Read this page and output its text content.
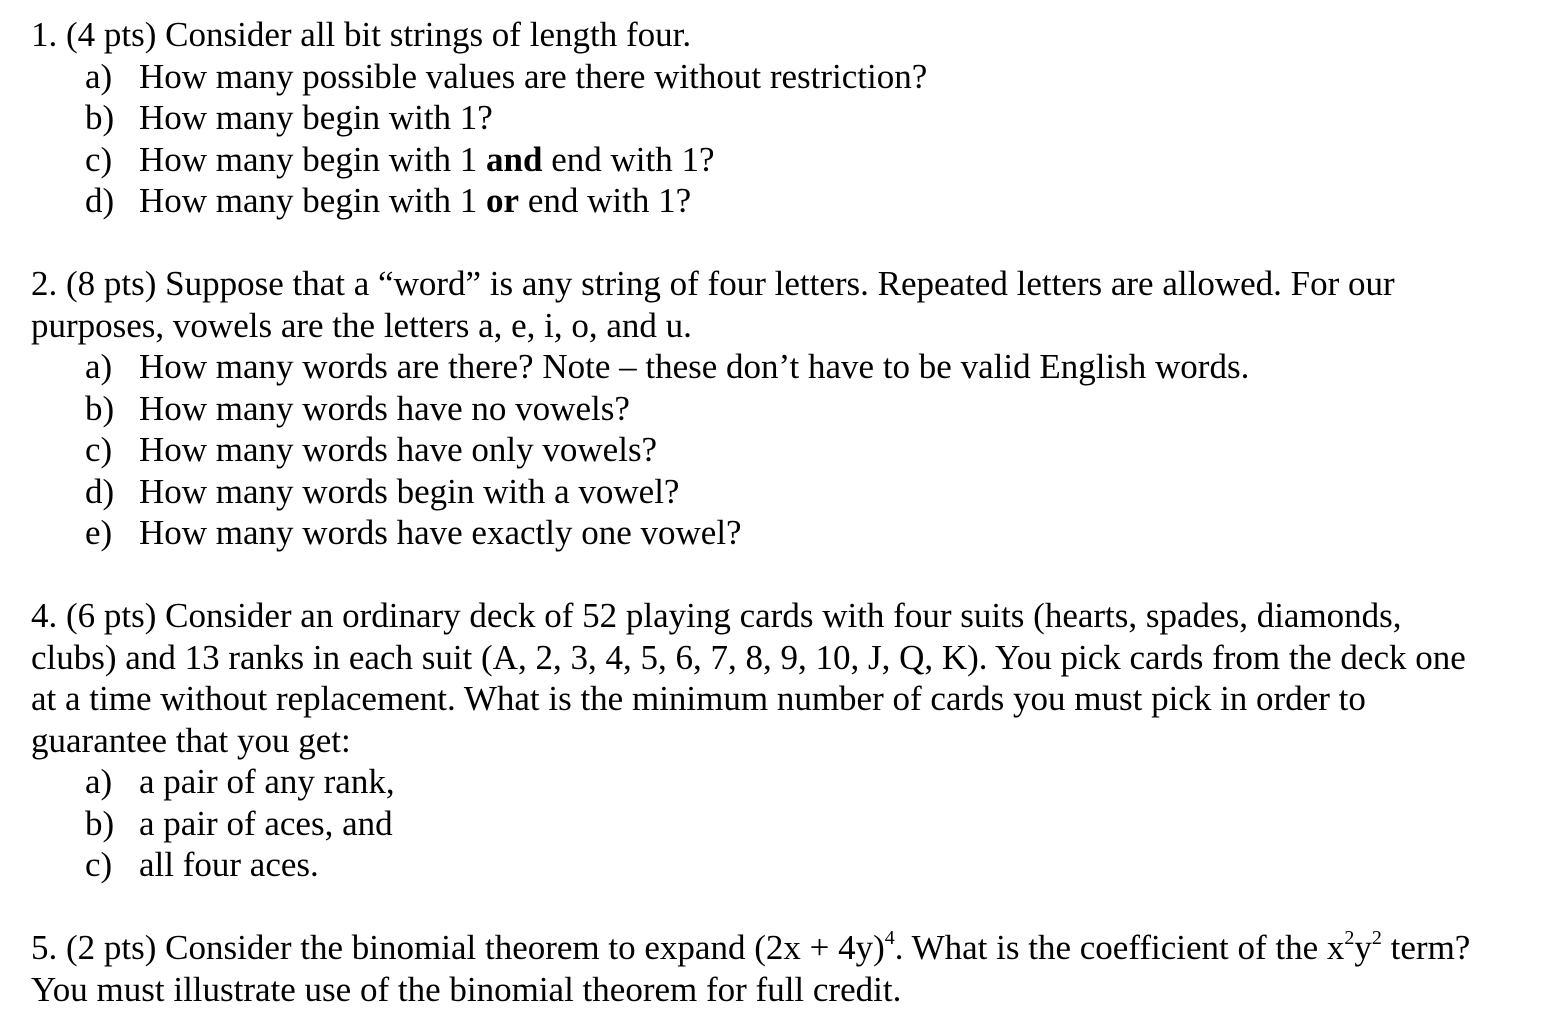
1. (4 pts) Consider all bit strings of length four.
a) How many possible values are there without restriction?
b) How many begin with 1?
c) How many begin with 1 and end with 1?
d) How many begin with 1 or end with 1?
2. (8 pts) Suppose that a “word” is any string of four letters. Repeated letters are allowed. For our
purposes, vowels are the letters a, e, i, o, and u.
a) How many words are there? Note – these don’t have to be valid English words.
b) How many words have no vowels?
c) How many words have only vowels?
d) How many words begin with a vowel?
e) How many words have exactly one vowel?
4. (6 pts) Consider an ordinary deck of 52 playing cards with four suits (hearts, spades, diamonds,
clubs) and 13 ranks in each suit (A, 2, 3, 4, 5, 6, 7, 8, 9, 10, J, Q, K). You pick cards from the deck one
at a time without replacement. What is the minimum number of cards you must pick in order to
guarantee that you get:
a) a pair of any rank,
b) a pair of aces, and
c) all four aces.
5. (2 pts) Consider the binomial theorem to expand $(2x + 4y)^4$. What is the coefficient of the $x^2y^2$ term?
You must illustrate use of the binomial theorem for full credit.
